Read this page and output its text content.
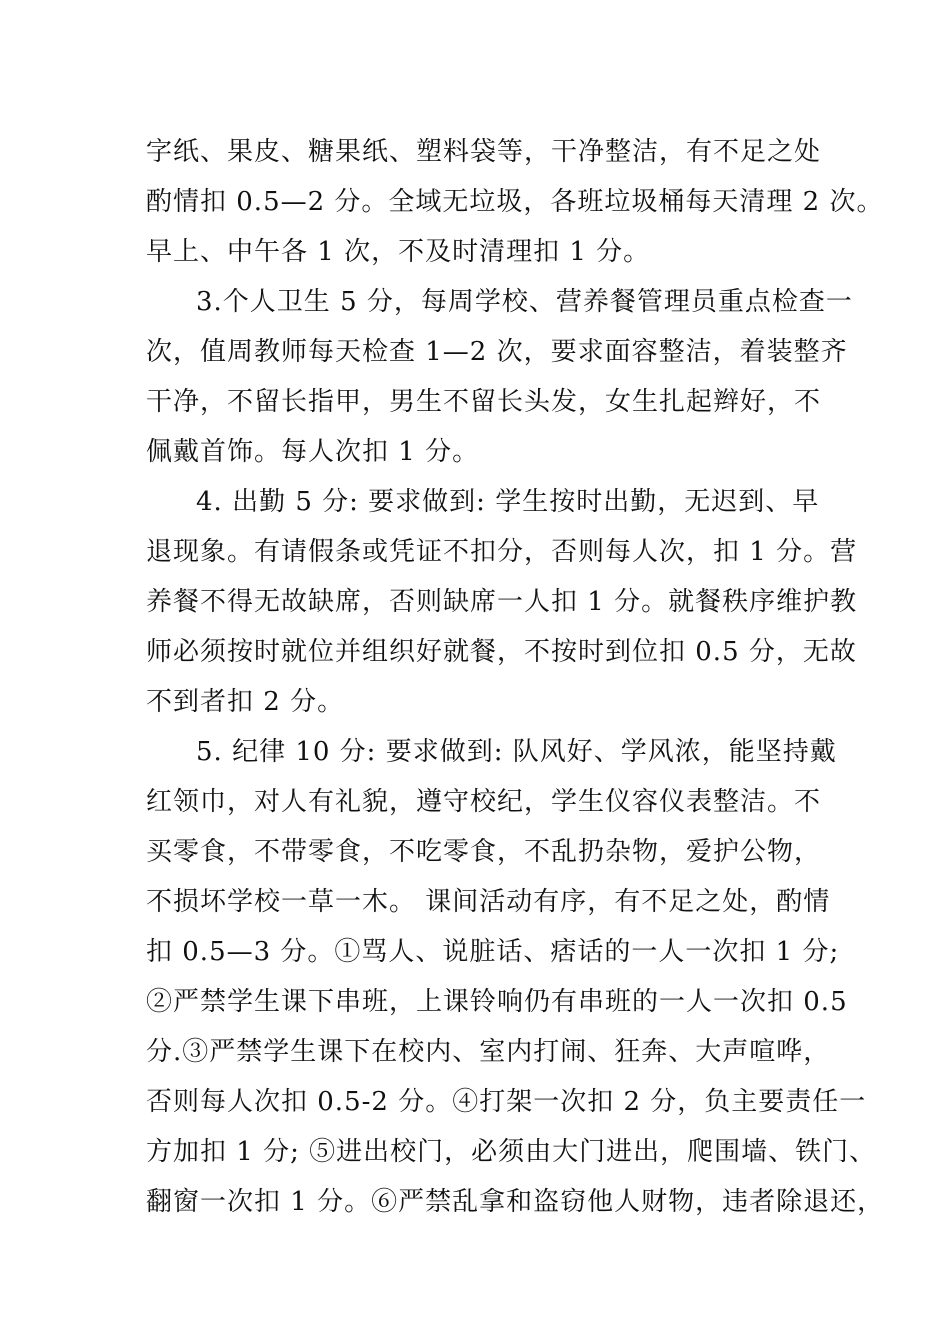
字纸、果皮、糖果纸、塑料袋等，干净整洁，有不足之处
酌情扣 0.5—2 分。全域无垃圾，各班垃圾桶每天清理 2 次。
早上、中午各 1 次，不及时清理扣 1 分。
3.个人卫生 5 分，每周学校、营养餐管理员重点检查一
次，值周教师每天检查 1—2 次，要求面容整洁，着装整齐
干净，不留长指甲，男生不留长头发，女生扎起辫好，不
佩戴首饰。每人次扣 1 分。
4. 出勤 5 分: 要求做到: 学生按时出勤，无迟到、早
退现象。有请假条或凭证不扣分，否则每人次，扣 1 分。营
养餐不得无故缺席，否则缺席一人扣 1 分。就餐秩序维护教
师必须按时就位并组织好就餐，不按时到位扣 0.5 分，无故
不到者扣 2 分。
5. 纪律 10 分: 要求做到: 队风好、学风浓，能坚持戴
红领巾，对人有礼貌，遵守校纪，学生仪容仪表整洁。不
买零食，不带零食，不吃零食，不乱扔杂物，爱护公物，
不损坏学校一草一木。 课间活动有序，有不足之处，酌情
扣 0.5—3 分。①骂人、说脏话、痞话的一人一次扣 1 分;
②严禁学生课下串班，上课铃响仍有串班的一人一次扣 0.5
分.③严禁学生课下在校内、室内打闹、狂奔、大声喧哗，
否则每人次扣 0.5-2 分。④打架一次扣 2 分，负主要责任一
方加扣 1 分; ⑤进出校门，必须由大门进出，爬围墙、铁门、
翻窗一次扣 1 分。⑥严禁乱拿和盗窃他人财物，违者除退还，
